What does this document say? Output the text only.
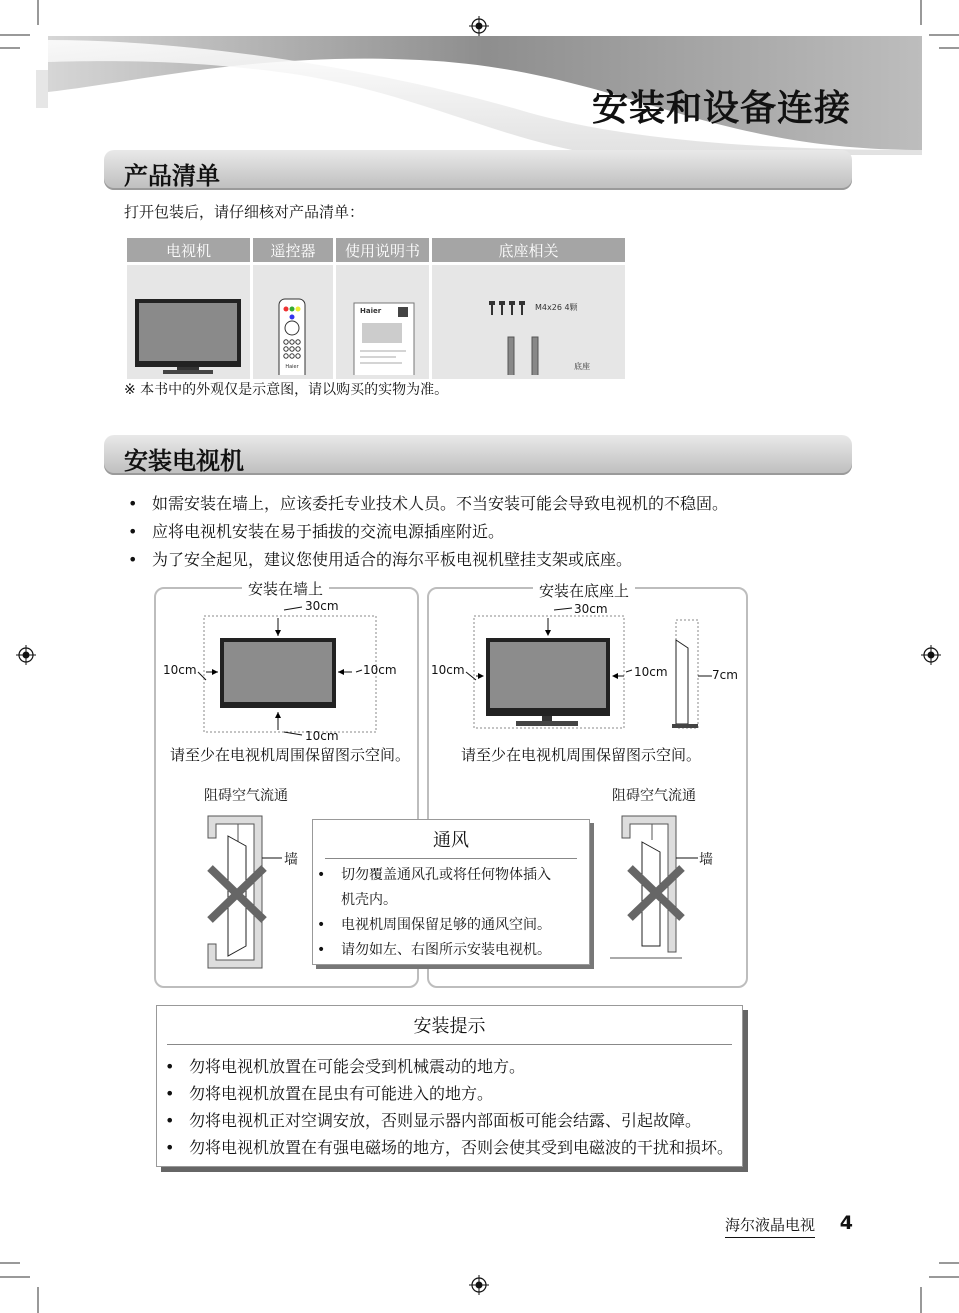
安装和设备连接
产品清单
打开包装后，请仔细核对产品清单：
电视机	遥控器	使用说明书	底座相关

Haier	Haier	M4x26 4颗
底座
※ 本书中的外观仅是示意图，请以购买的实物为准。
安装电视机
• 如需安装在墙上，应该委托专业技术人员。不当安装可能会导致电视机的不稳固。
• 应将电视机安装在易于插拔的交流电源插座附近。
• 为了安全起见，建议您使用适合的海尔平板电视机壁挂支架或底座。
安装在墙上
30cm
10cm	10cm
10cm
请至少在电视机周围保留图示空间。
阻碍空气流通
墙
安装在底座上
30cm
10cm	10cm	7cm
请至少在电视机周围保留图示空间。
阻碍空气流通
墙
通风
• 切勿覆盖通风孔或将任何物体插入
机壳内。
• 电视机周围保留足够的通风空间。
• 请勿如左、右图所示安装电视机。
安装提示
• 勿将电视机放置在可能会受到机械震动的地方。
• 勿将电视机放置在昆虫有可能进入的地方。
• 勿将电视机正对空调安放，否则显示器内部面板可能会结露、引起故障。
• 勿将电视机放置在有强电磁场的地方，否则会使其受到电磁波的干扰和损坏。
海尔液晶电视 4
